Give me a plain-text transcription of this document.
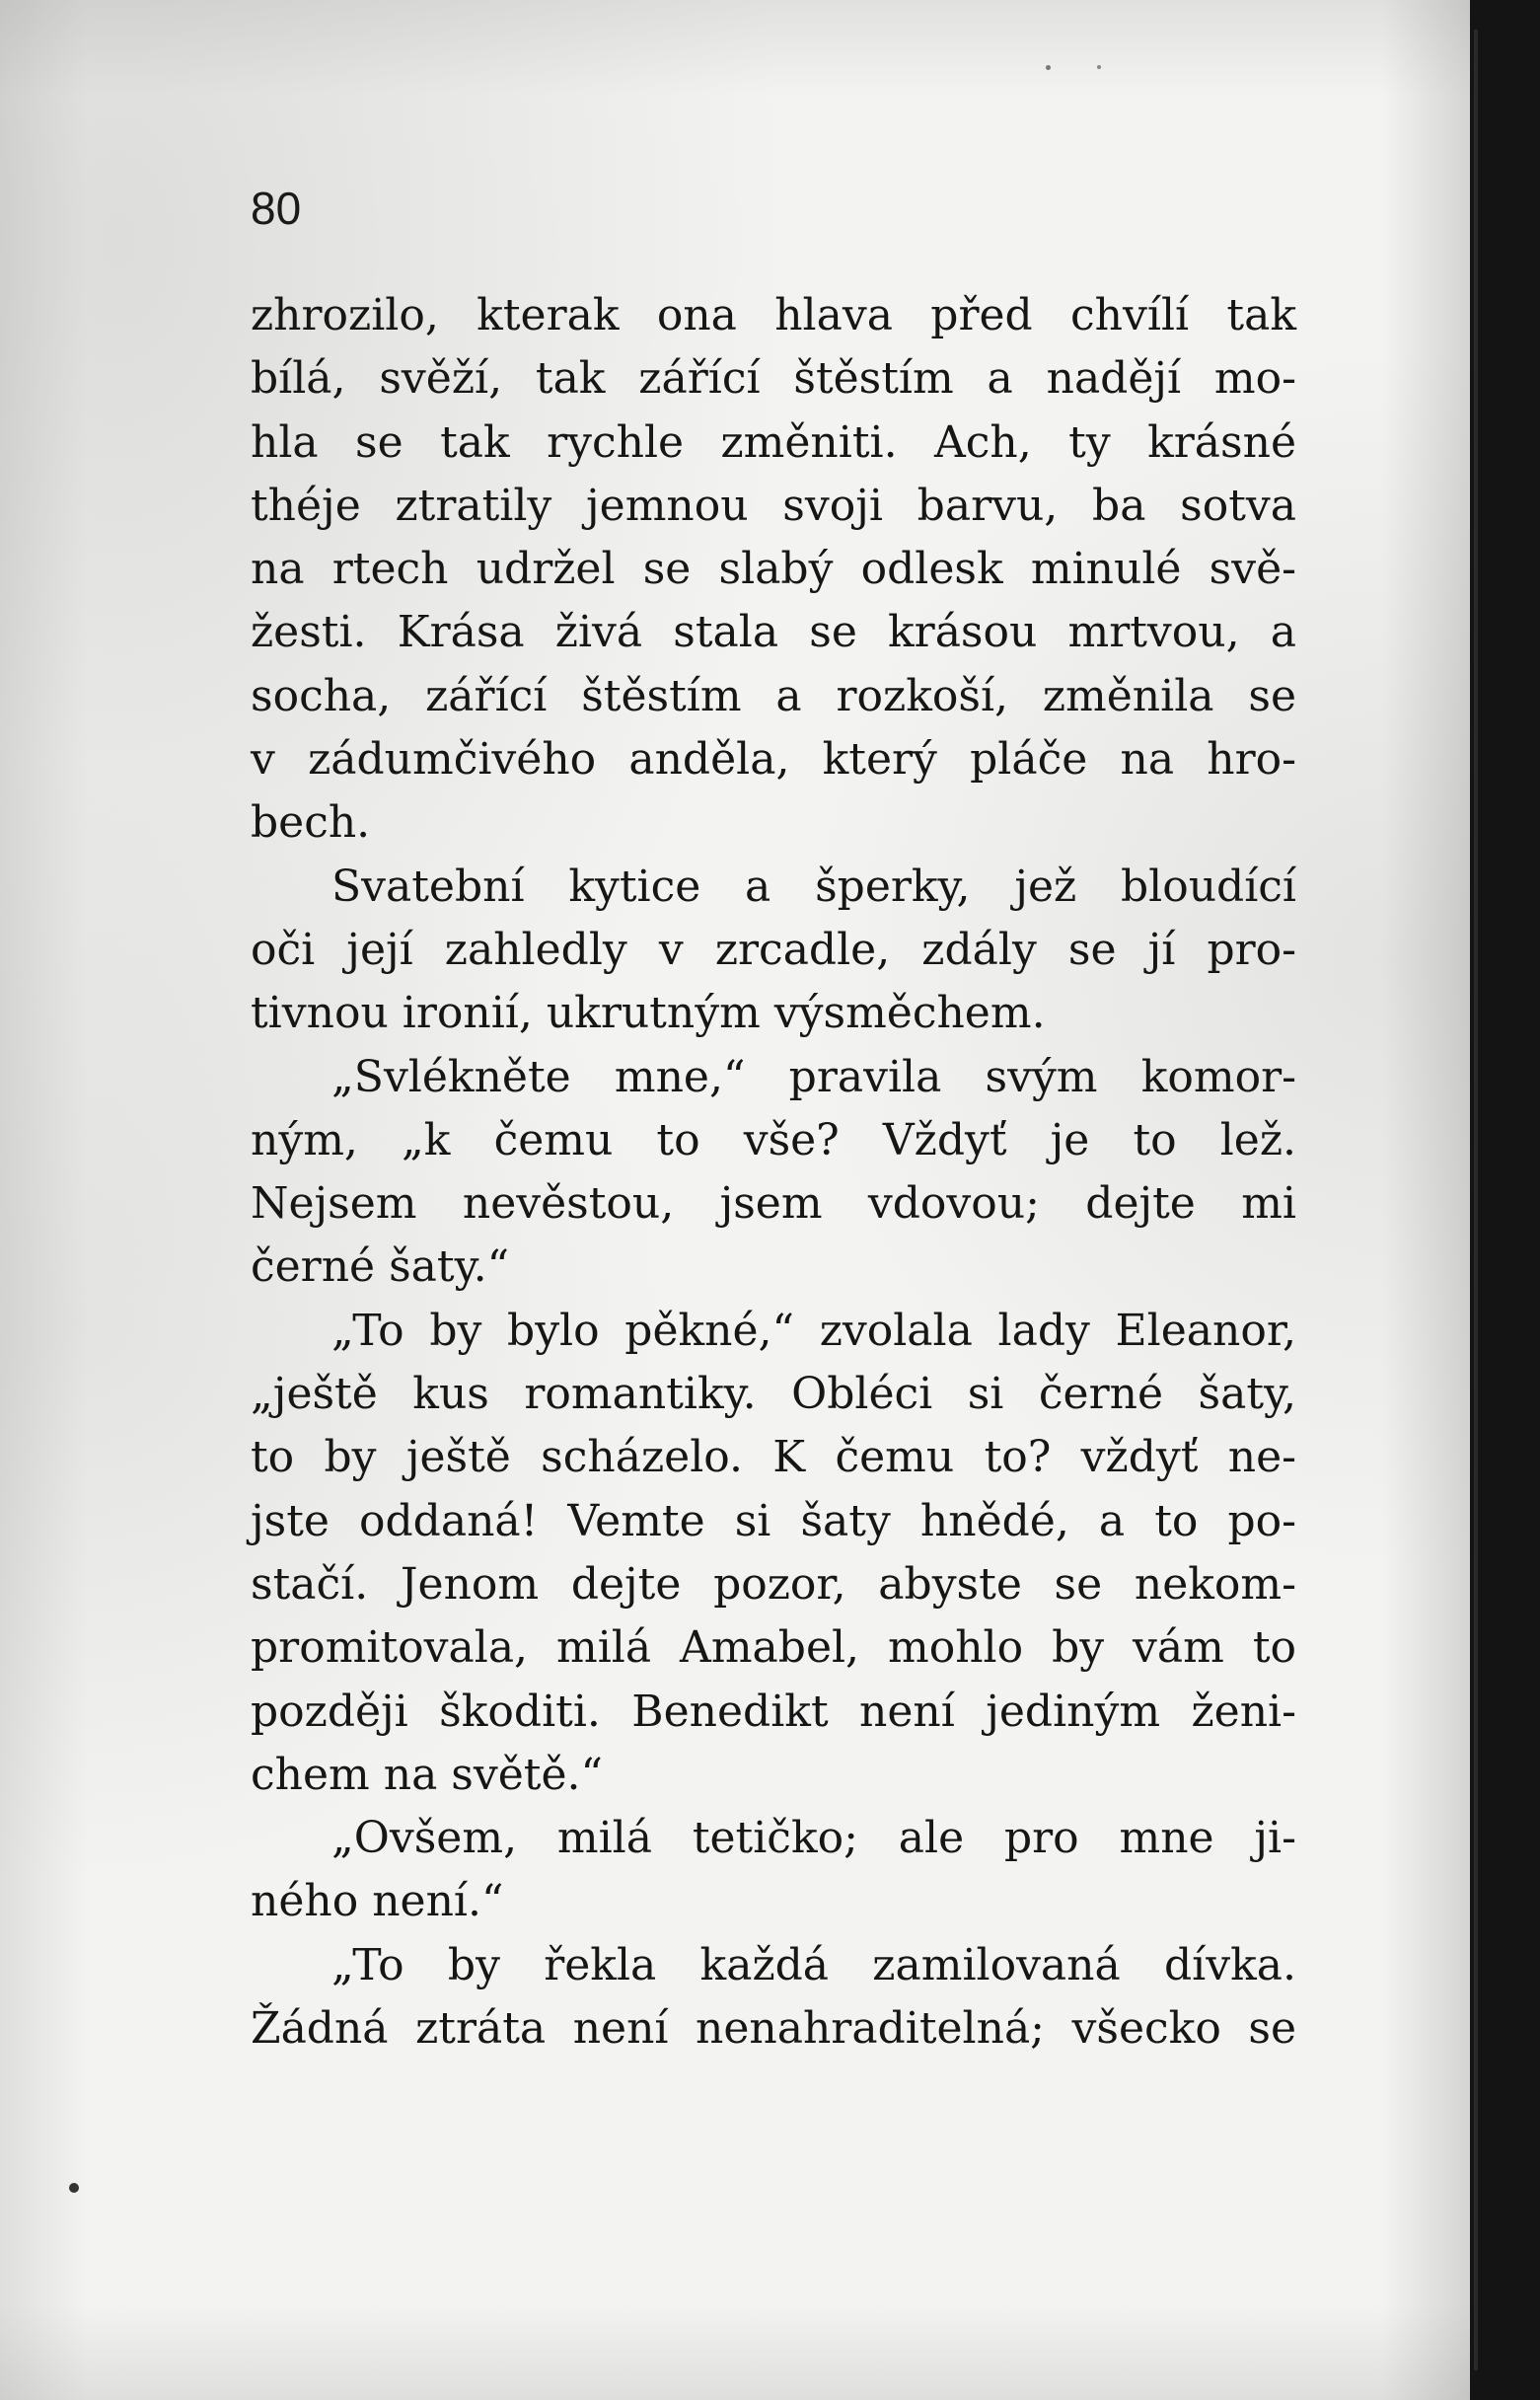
80
zhrozilo, kterak ona hlava před chvílí tak
bílá, svěží, tak zářící štěstím a nadějí mo-
hla se tak rychle změniti. Ach, ty krásné
théje ztratily jemnou svoji barvu, ba sotva
na rtech udržel se slabý odlesk minulé svě-
žesti. Krása živá stala se krásou mrtvou, a
socha, zářící štěstím a rozkoší, změnila se
v zádumčivého anděla, který pláče na hro-
bech.
Svatební kytice a šperky, jež bloudící
oči její zahledly v zrcadle, zdály se jí pro-
tivnou ironií, ukrutným výsměchem.
„Svlékněte mne,“ pravila svým komor-
ným, „k čemu to vše? Vždyť je to lež.
Nejsem nevěstou, jsem vdovou; dejte mi
černé šaty.“
„To by bylo pěkné,“ zvolala lady Eleanor,
„ještě kus romantiky. Obléci si černé šaty,
to by ještě scházelo. K čemu to? vždyť ne-
jste oddaná! Vemte si šaty hnědé, a to po-
stačí. Jenom dejte pozor, abyste se nekom-
promitovala, milá Amabel, mohlo by vám to
později škoditi. Benedikt není jediným ženi-
chem na světě.“
„Ovšem, milá tetičko; ale pro mne ji-
ného není.“
„To by řekla každá zamilovaná dívka.
Žádná ztráta není nenahraditelná; všecko se
